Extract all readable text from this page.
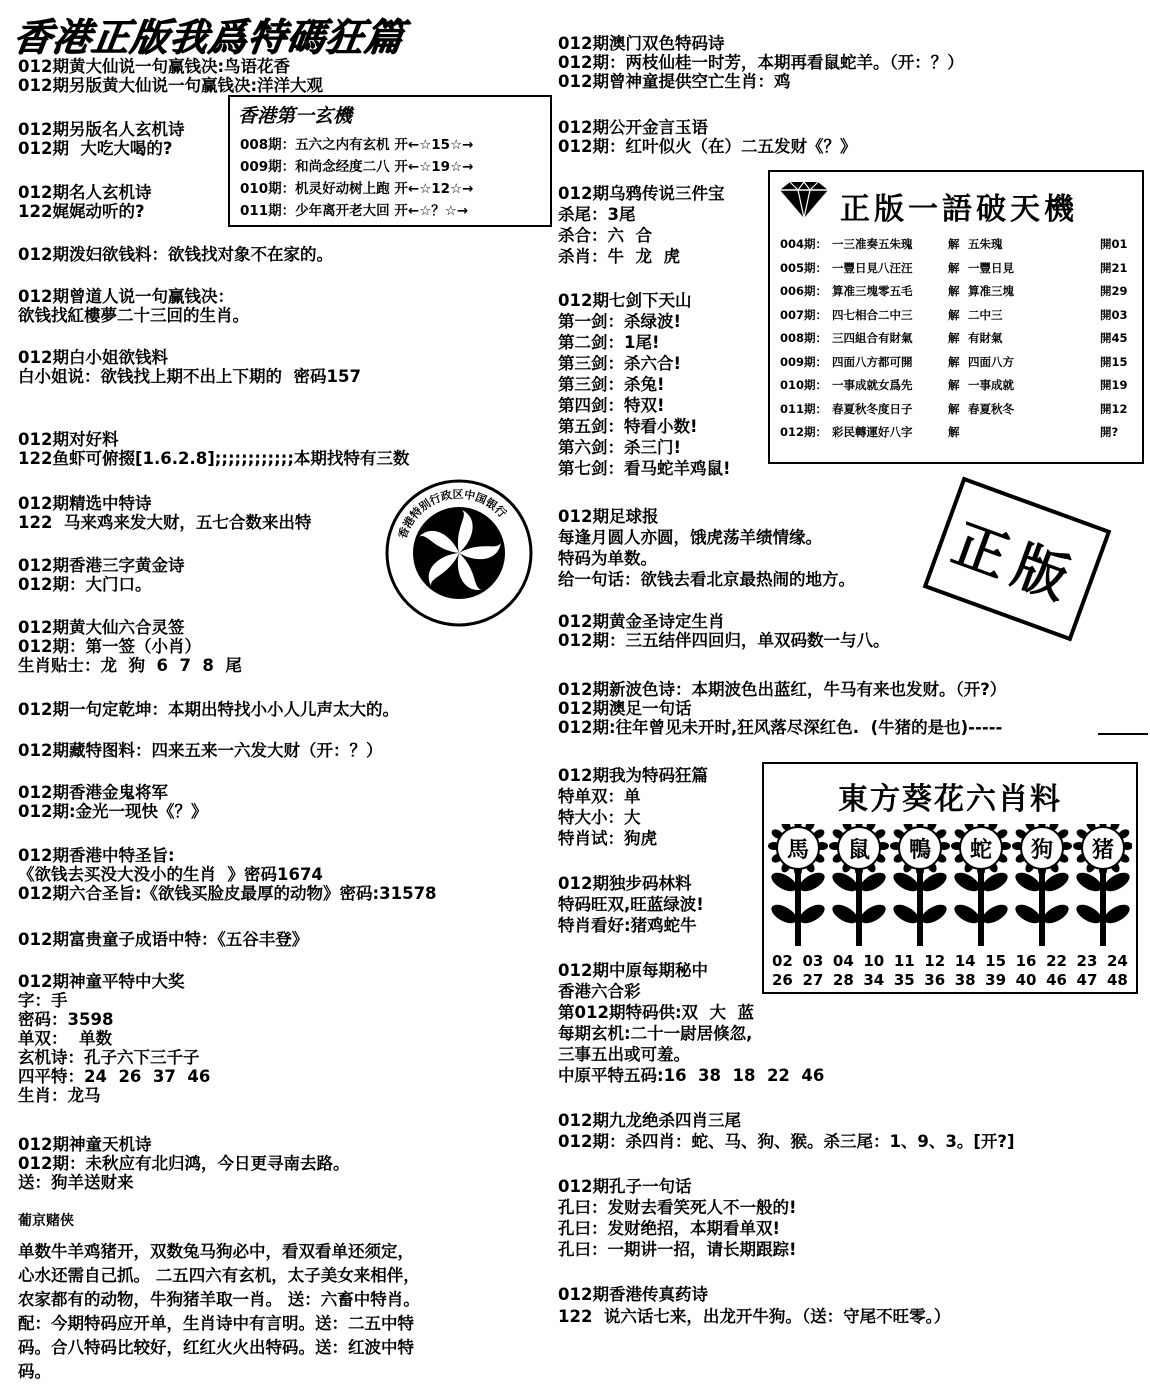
香港正版我爲特碼狂篇
012期黄大仙说一句赢钱决:鸟语花香
012期另版黄大仙说一句赢钱决:洋洋大观
012期另版名人玄机诗
012期  大吃大喝的?
012期名人玄机诗
122娓娓动听的?
012期泼妇欲钱料：欲钱找对象不在家的。
012期曾道人说一句赢钱决：
欲钱找紅樓夢二十三回的生肖。
012期白小姐欲钱料
白小姐说：欲钱找上期不出上下期的  密码157
012期对好料
122鱼虾可俯掇[1.6.2.8];;;;;;;;;;;;本期找特有三数
012期精选中特诗
122  马来鸡来发大财，五七合数来出特
012期香港三字黄金诗
012期：大门口。
012期黄大仙六合灵签
012期：第一签（小肖）
生肖贴士：龙  狗  6  7  8  尾
012期一句定乾坤：本期出特找小小人儿声太大的。
012期藏特图料：四来五来一六发大财（开：？）
012期香港金鬼将军
012期:金光一现快《？》
012期香港中特圣旨:
《欲钱去买没大没小的生肖  》密码1674
012期六合圣旨:《欲钱买脸皮最厚的动物》密码:31578
012期富贵童子成语中特：《五谷丰登》
012期神童平特中大奖
字：手
密码：3598
单双：  单数
玄机诗：孔子六下三千子
四平特：24  26  37  46
生肖：龙马
012期神童天机诗
012期：未秋应有北归鸿，今日更寻南去路。
送：狗羊送财来
葡京赌侠
单数牛羊鸡猪开，双数兔马狗必中，看双看单还须定，
心水还需自己抓。 二五四六有玄机，太子美女来相伴，
农家都有的动物，牛狗猪羊取一肖。 送：六畜中特肖。
配：今期特码应开单，生肖诗中有言明。送：二五中特
码。合八特码比较好，红红火火出特码。送：红波中特
码。
香港第一玄機
008期：五六之内有玄机 开←☆15☆→
009期：和尚念经度二八 开←☆19☆→
010期：机灵好动树上跑 开←☆12☆→
011期：少年离开老大回 开←☆？☆→
香港特别行政区中国银行
012期澳门双色特码诗
012期：两枝仙桂一时芳，本期再看鼠蛇羊。（开：？）
012期曾神童提供空亡生肖：鸡
012期公开金言玉语
012期：红叶似火（在）二五发财《？》
012期乌鸦传说三件宝
杀尾：3尾
杀合：六  合
杀肖：牛  龙  虎
012期七剑下天山
第一剑：杀绿波!
第二剑：1尾!
第三剑：杀六合!
第三剑：杀兔!
第四剑：特双!
第五剑：特看小数!
第六剑：杀三门!
第七剑：看马蛇羊鸡鼠!
012期足球报
每逢月圆人亦圆，饿虎荡羊绩情缘。
特码为单数。
给一句话：欲钱去看北京最热闹的地方。
012期黄金圣诗定生肖
012期：三五结伴四回归，单双码数一与八。
012期新波色诗：本期波色出蓝红，牛马有来也发财。（开?）
012期澳足一句话
012期:往年曾见未开时,狂风落尽深红色.  (牛猪的是也)-----
012期我为特码狂篇
特单双：单
特大小：大
特肖试：狗虎
012期独步码林料
特码旺双,旺蓝绿波!
特肖看好:猪鸡蛇牛
012期中原每期秘中
香港六合彩
第012期特码供:双  大  蓝
每期玄机:二十一尉居倏忽,
三事五出或可羞。
中原平特五码:16  38  18  22  46
012期九龙绝杀四肖三尾
012期：杀四肖：蛇、马、狗、猴。杀三尾：1、9、3。[开?]
012期孔子一句话
孔曰：发财去看笑死人不一般的!
孔曰：发财绝招，本期看单双!
孔曰：一期讲一招，请长期跟踪!
012期香港传真药诗
122  说六话七来，出龙开牛狗。（送：守尾不旺零。）
正版一語破天機
004期： 一三准奏五朱瑰	解 五朱瑰	開01
005期： 一豐日見八汪汪	解 一豐日見	開21
006期： 算准三塊零五毛	解 算准三塊	開29
007期： 四七相合二中三	解 二中三	開03
008期： 三四組合有財氣	解 有財氣	開45
009期： 四面八方都可開	解 四面八方	開15
010期： 一事成就女爲先	解 一事成就	開19
011期： 春夏秋冬度日子	解 春夏秋冬	開12
012期： 彩民轉運好八字	解	開?
正版
東方葵花六肖料
02 03 04 10 11 12 14 15 16 22 23 24
26 27 28 34 35 36 38 39 40 46 47 48
馬	鼠	鴨	蛇	狗	猪
